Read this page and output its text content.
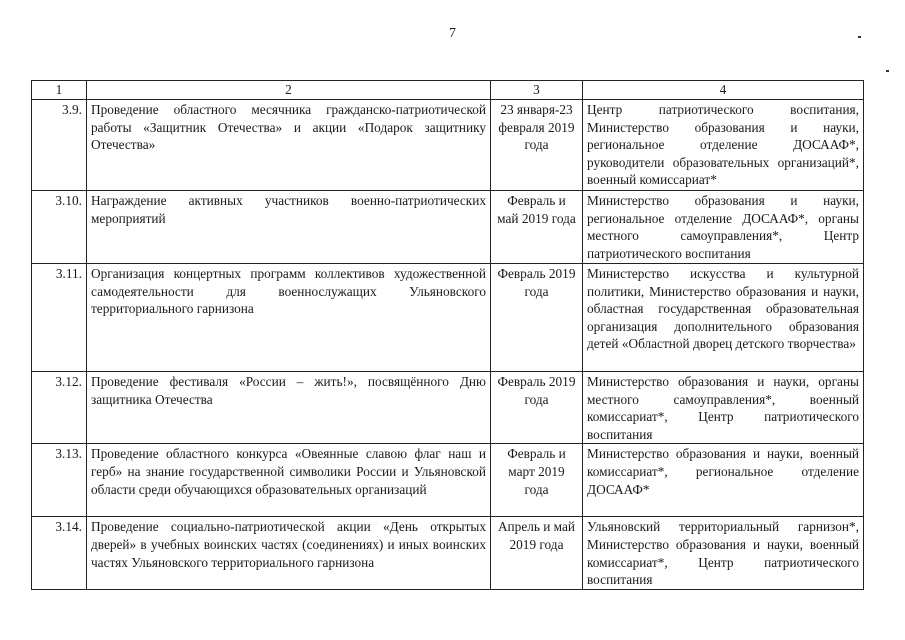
7
1	2	3	4
3.9.	Проведение областного месячника гражданско-патриотической работы «Защитник Отечества» и акции «Подарок защитнику Отечества»	23 января-23 февраля 2019 года	Центр патриотического воспитания, Министерство образования и науки, региональное отделение ДОСААФ*, руководители образовательных организаций*, военный комиссариат*
3.10.	Награждение активных участников военно-патриотических мероприятий	Февраль и май 2019 года	Министерство образования и науки, региональное отделение ДОСААФ*, органы местного самоуправления*, Центр патриотического воспитания
3.11.	Организация концертных программ коллективов художественной самодеятельности для военнослужащих Ульяновского территориального гарнизона	Февраль 2019 года	Министерство искусства и культурной политики, Министерство образования и науки, областная государственная образовательная организация дополнительного образования детей «Областной дворец детского творчества»
3.12.	Проведение фестиваля «России – жить!», посвящённого Дню защитника Отечества	Февраль 2019 года	Министерство образования и науки, органы местного самоуправления*, военный комиссариат*, Центр патриотического воспитания
3.13.	Проведение областного конкурса «Овеянные славою флаг наш и герб» на знание государственной символики России и Ульяновской области среди обучающихся образовательных организаций	Февраль и март 2019 года	Министерство образования и науки, военный комиссариат*, региональное отделение ДОСААФ*
3.14.	Проведение социально-патриотической акции «День открытых дверей» в учебных воинских частях (соединениях) и иных воинских частях Ульяновского территориального гарнизона	Апрель и май 2019 года	Ульяновский территориальный гарнизон*, Министерство образования и науки, военный комиссариат*, Центр патриотического воспитания
